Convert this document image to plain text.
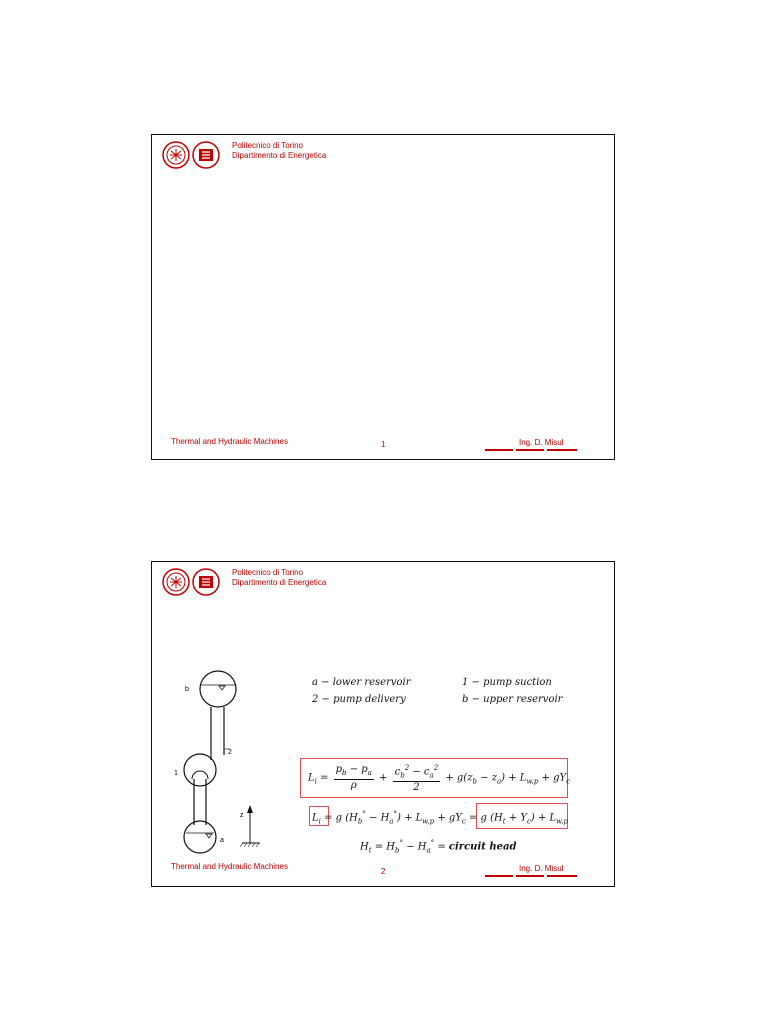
Politecnico di Torino
Dipartimento di Energetica
Thermal and Hydraulic Machines	1	Ing. D. Misul
Politecnico di Torino
Dipartimento di Energetica
b
2
1
z
a
a − lower reservoir	1 − pump suction
2 − pump delivery	b − upper reservoir
$L_i = \frac{p_b - p_a}{\rho} + \frac{c_b^2 - c_a^2}{2} + g(z_b - z_a) + L_{w,p} + gY_c$
$L_i = g$ $(H_b^\circ - H_a^\circ) + L_{w,p} + gY_c = g$ $(H_t + Y_c) + L_{w,p}$
$H_t = H_b^\circ - H_a^\circ$ = circuit head
Thermal and Hydraulic Machines
2	Ing. D. Misul
